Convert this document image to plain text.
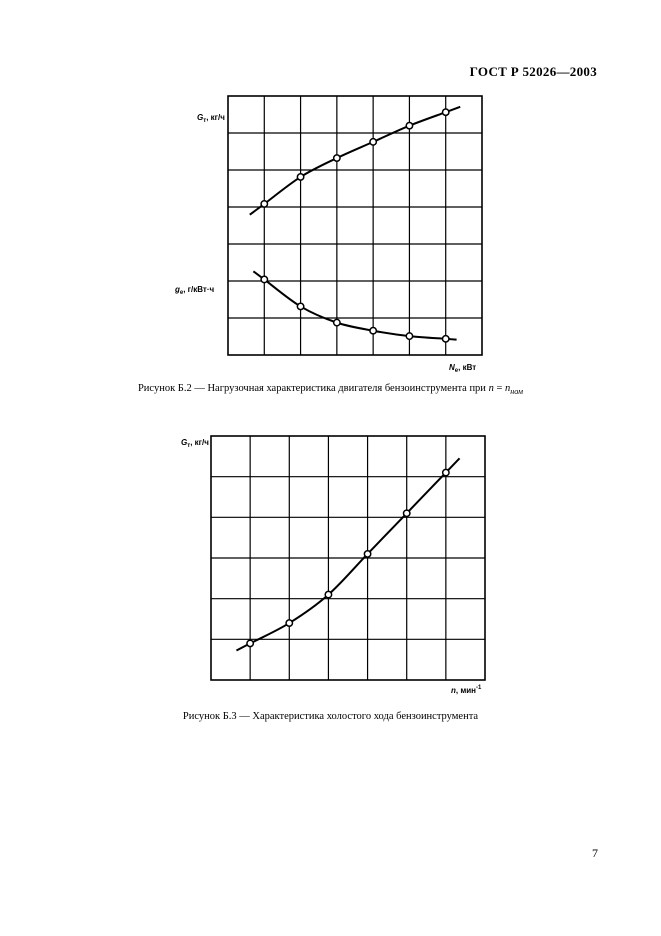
ГОСТ Р 52026—2003
$G_т$, кг/ч
$g_е$, г/кВт·ч
$N_е$, кВт
Рисунок Б.2 — Нагрузочная характеристика двигателя бензоинструмента при $n = n_{ном}$
$G_т$, кг/ч
n, мин$^{-1}$
Рисунок Б.3 — Характеристика холостого хода бензоинструмента
7
